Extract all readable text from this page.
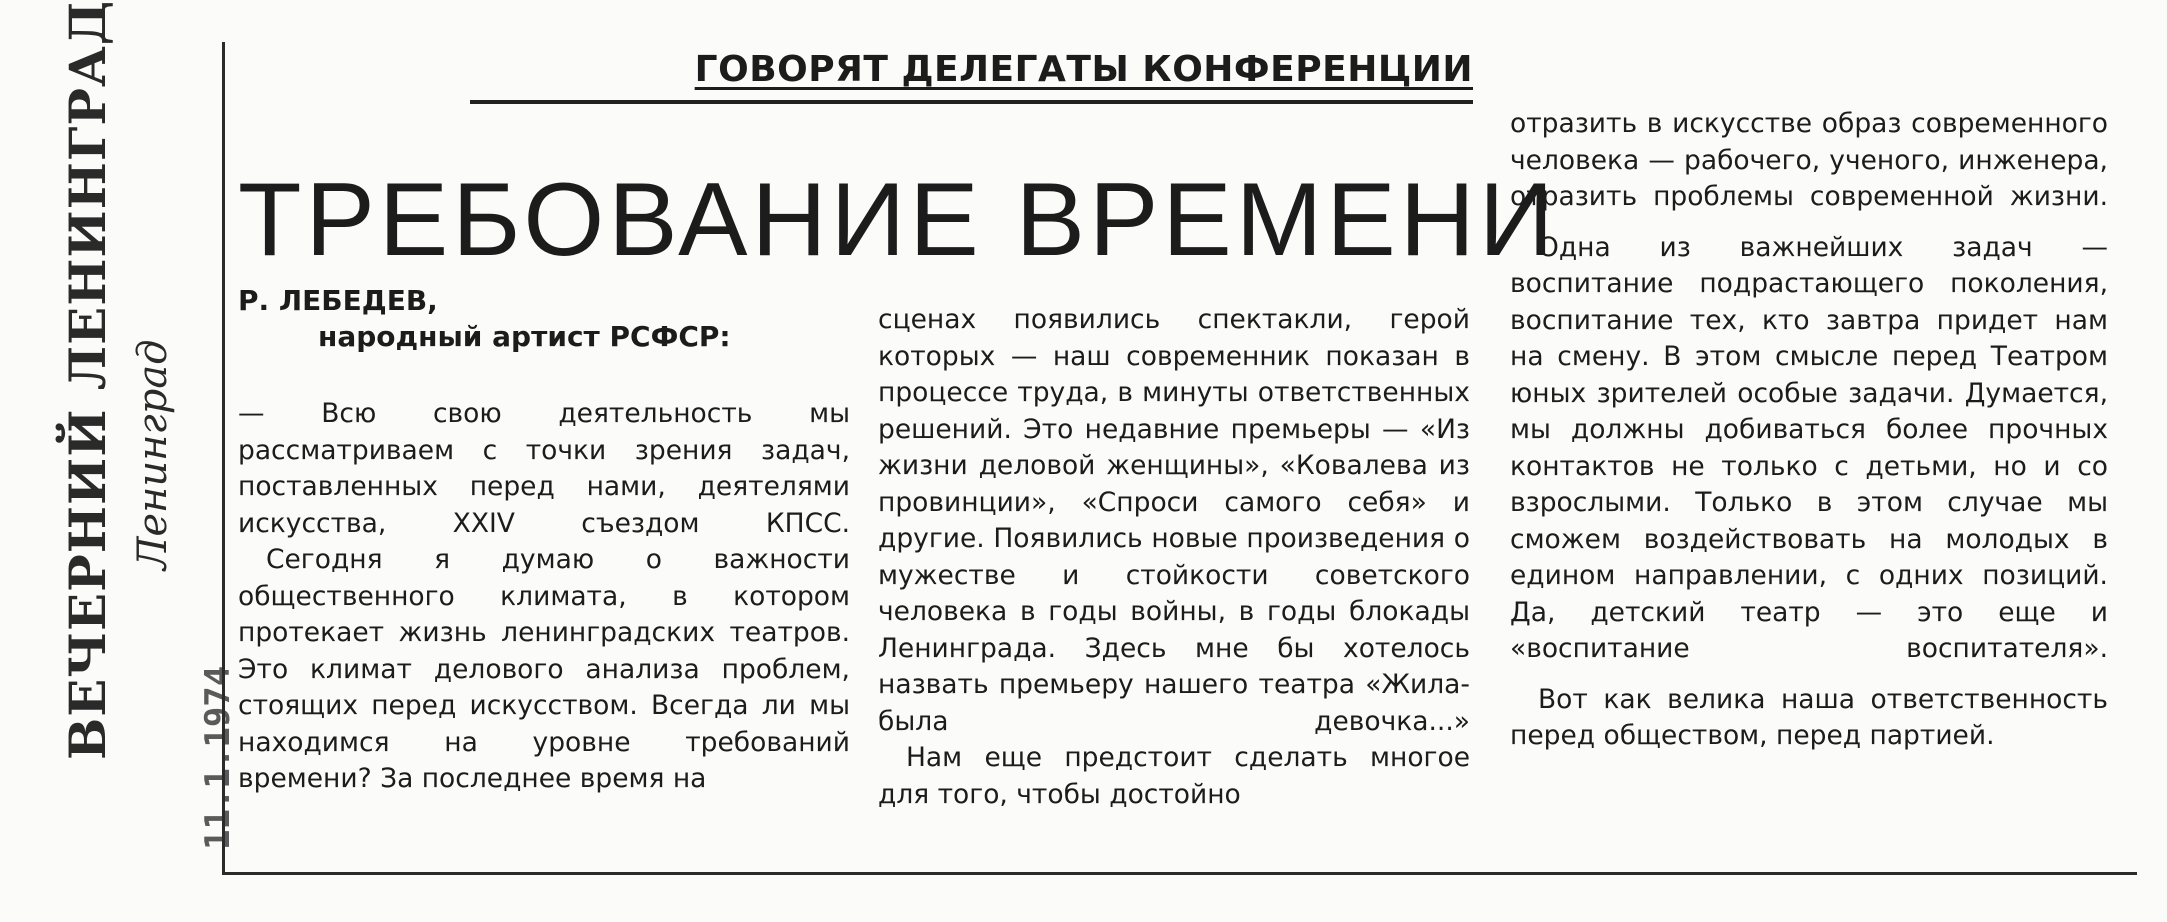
ВЕЧЕРНИЙ ЛЕНИНГРАД Ленинград
11.1.1974
ГОВОРЯТ ДЕЛЕГАТЫ КОНФЕРЕНЦИИ
ТРЕБОВАНИЕ ВРЕМЕНИ
Р. ЛЕБЕДЕВ,
народный артист РСФСР:
— Всю свою деятельность мы рассматриваем с точки зрения задач, поставленных перед нами, деятелями искусства, XXIV съездом КПСС.
Сегодня я думаю о важности общественного климата, в котором протекает жизнь ленинградских театров. Это климат делового анализа проблем, стоящих перед искусством. Всегда ли мы находимся на уровне требований времени? За последнее время на
сценах появились спектакли, герой которых — наш современник показан в процессе труда, в минуты ответственных решений. Это недавние премьеры — «Из жизни деловой женщины», «Ковалева из провинции», «Спроси самого себя» и другие. Появились новые произведения о мужестве и стойкости советского человека в годы войны, в годы блокады Ленинграда. Здесь мне бы хотелось назвать премьеру нашего театра «Жила-была девочка...»
Нам еще предстоит сделать многое для того, чтобы достойно
отразить в искусстве образ современного человека — рабочего, ученого, инженера, отразить проблемы современной жизни.
Одна из важнейших задач — воспитание подрастающего поколения, воспитание тех, кто завтра придет нам на смену. В этом смысле перед Театром юных зрителей особые задачи. Думается, мы должны добиваться более прочных контактов не только с детьми, но и со взрослыми. Только в этом случае мы сможем воздействовать на молодых в едином направлении, с одних позиций. Да, детский театр — это еще и «воспитание воспитателя».
Вот как велика наша ответственность перед обществом, перед партией.
